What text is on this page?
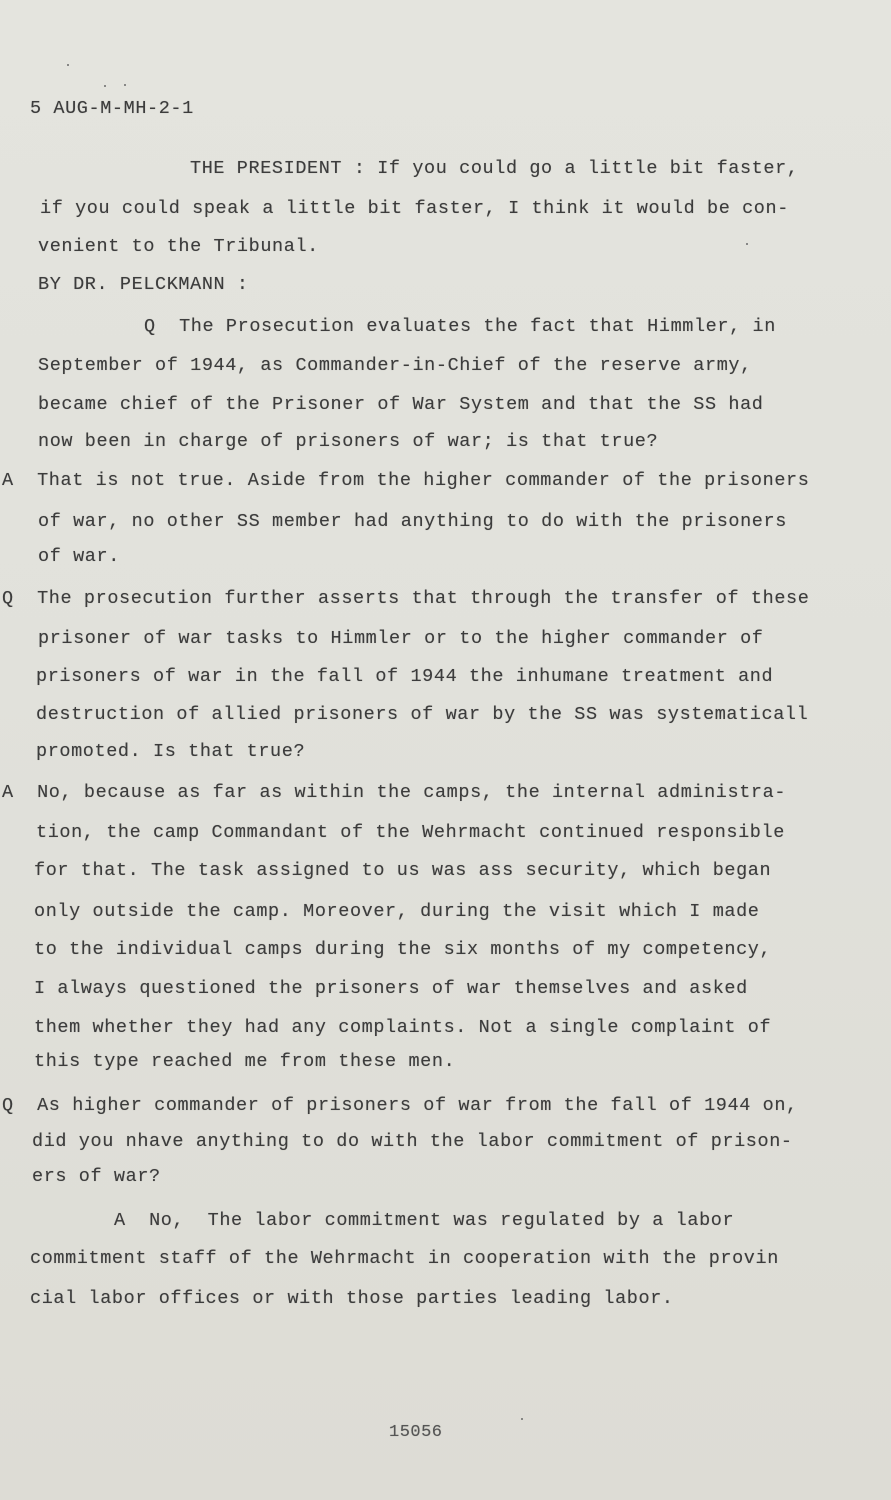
5 AUG-M-MH-2-1
THE PRESIDENT : If you could go a little bit faster,
if you could speak a little bit faster, I think it would be con-
venient to the Tribunal.
BY DR. PELCKMANN :
Q  The Prosecution evaluates the fact that Himmler, in
September of 1944, as Commander-in-Chief of the reserve army,
became chief of the Prisoner of War System and that the SS had
now been in charge of prisoners of war; is that true?
A  That is not true. Aside from the higher commander of the prisoners
of war, no other SS member had anything to do with the prisoners
of war.
Q  The prosecution further asserts that through the transfer of these
prisoner of war tasks to Himmler or to the higher commander of
prisoners of war in the fall of 1944 the inhumane treatment and
destruction of allied prisoners of war by the SS was systematicall
promoted. Is that true?
A  No, because as far as within the camps, the internal administra-
tion, the camp Commandant of the Wehrmacht continued responsible
for that. The task assigned to us was ass security, which began
only outside the camp. Moreover, during the visit which I made
to the individual camps during the six months of my competency,
I always questioned the prisoners of war themselves and asked
them whether they had any complaints. Not a single complaint of
this type reached me from these men.
Q  As higher commander of prisoners of war from the fall of 1944 on,
did you nhave anything to do with the labor commitment of prison-
ers of war?
A  No,  The labor commitment was regulated by a labor
commitment staff of the Wehrmacht in cooperation with the provin
cial labor offices or with those parties leading labor.
15056
